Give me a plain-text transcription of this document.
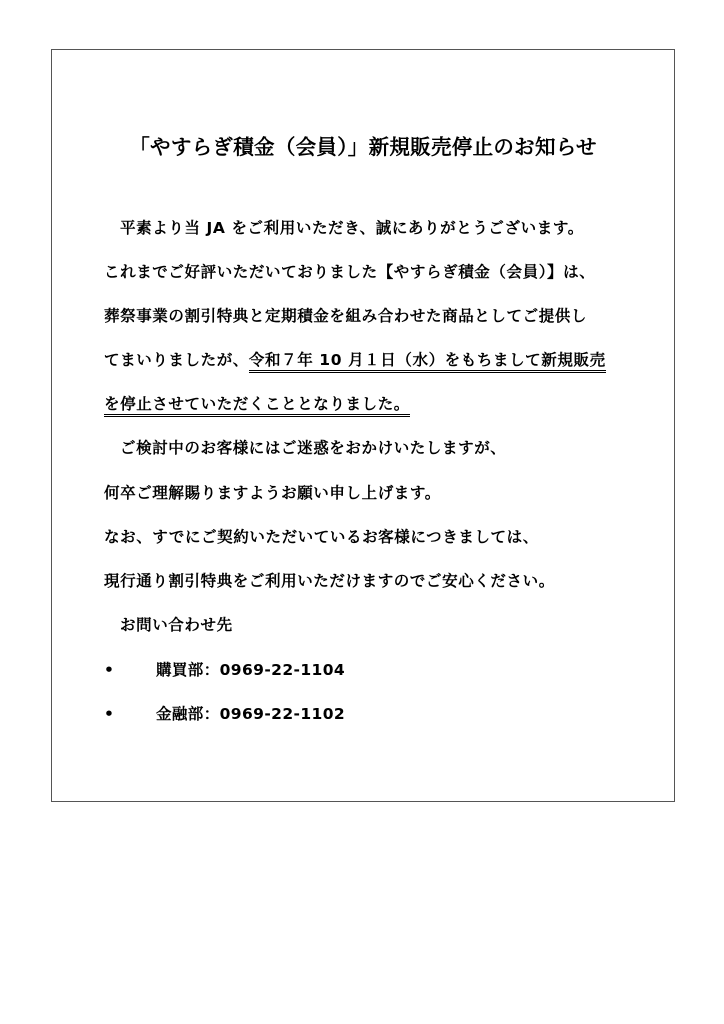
「やすらぎ積金（会員）」新規販売停止のお知らせ
平素より当 JA をご利用いただき、誠にありがとうございます。
これまでご好評いただいておりました【やすらぎ積金（会員）】は、
葬祭事業の割引特典と定期積金を組み合わせた商品としてご提供し
てまいりましたが、令和７年 10 月１日（水）をもちまして新規販売
を停止させていただくこととなりました。
ご検討中のお客様にはご迷惑をおかけいたしますが、
何卒ご理解賜りますようお願い申し上げます。
なお、すでにご契約いただいているお客様につきましては、
現行通り割引特典をご利用いただけますのでご安心ください。
お問い合わせ先
•	購買部：0969-22-1104
•	金融部：0969-22-1102
